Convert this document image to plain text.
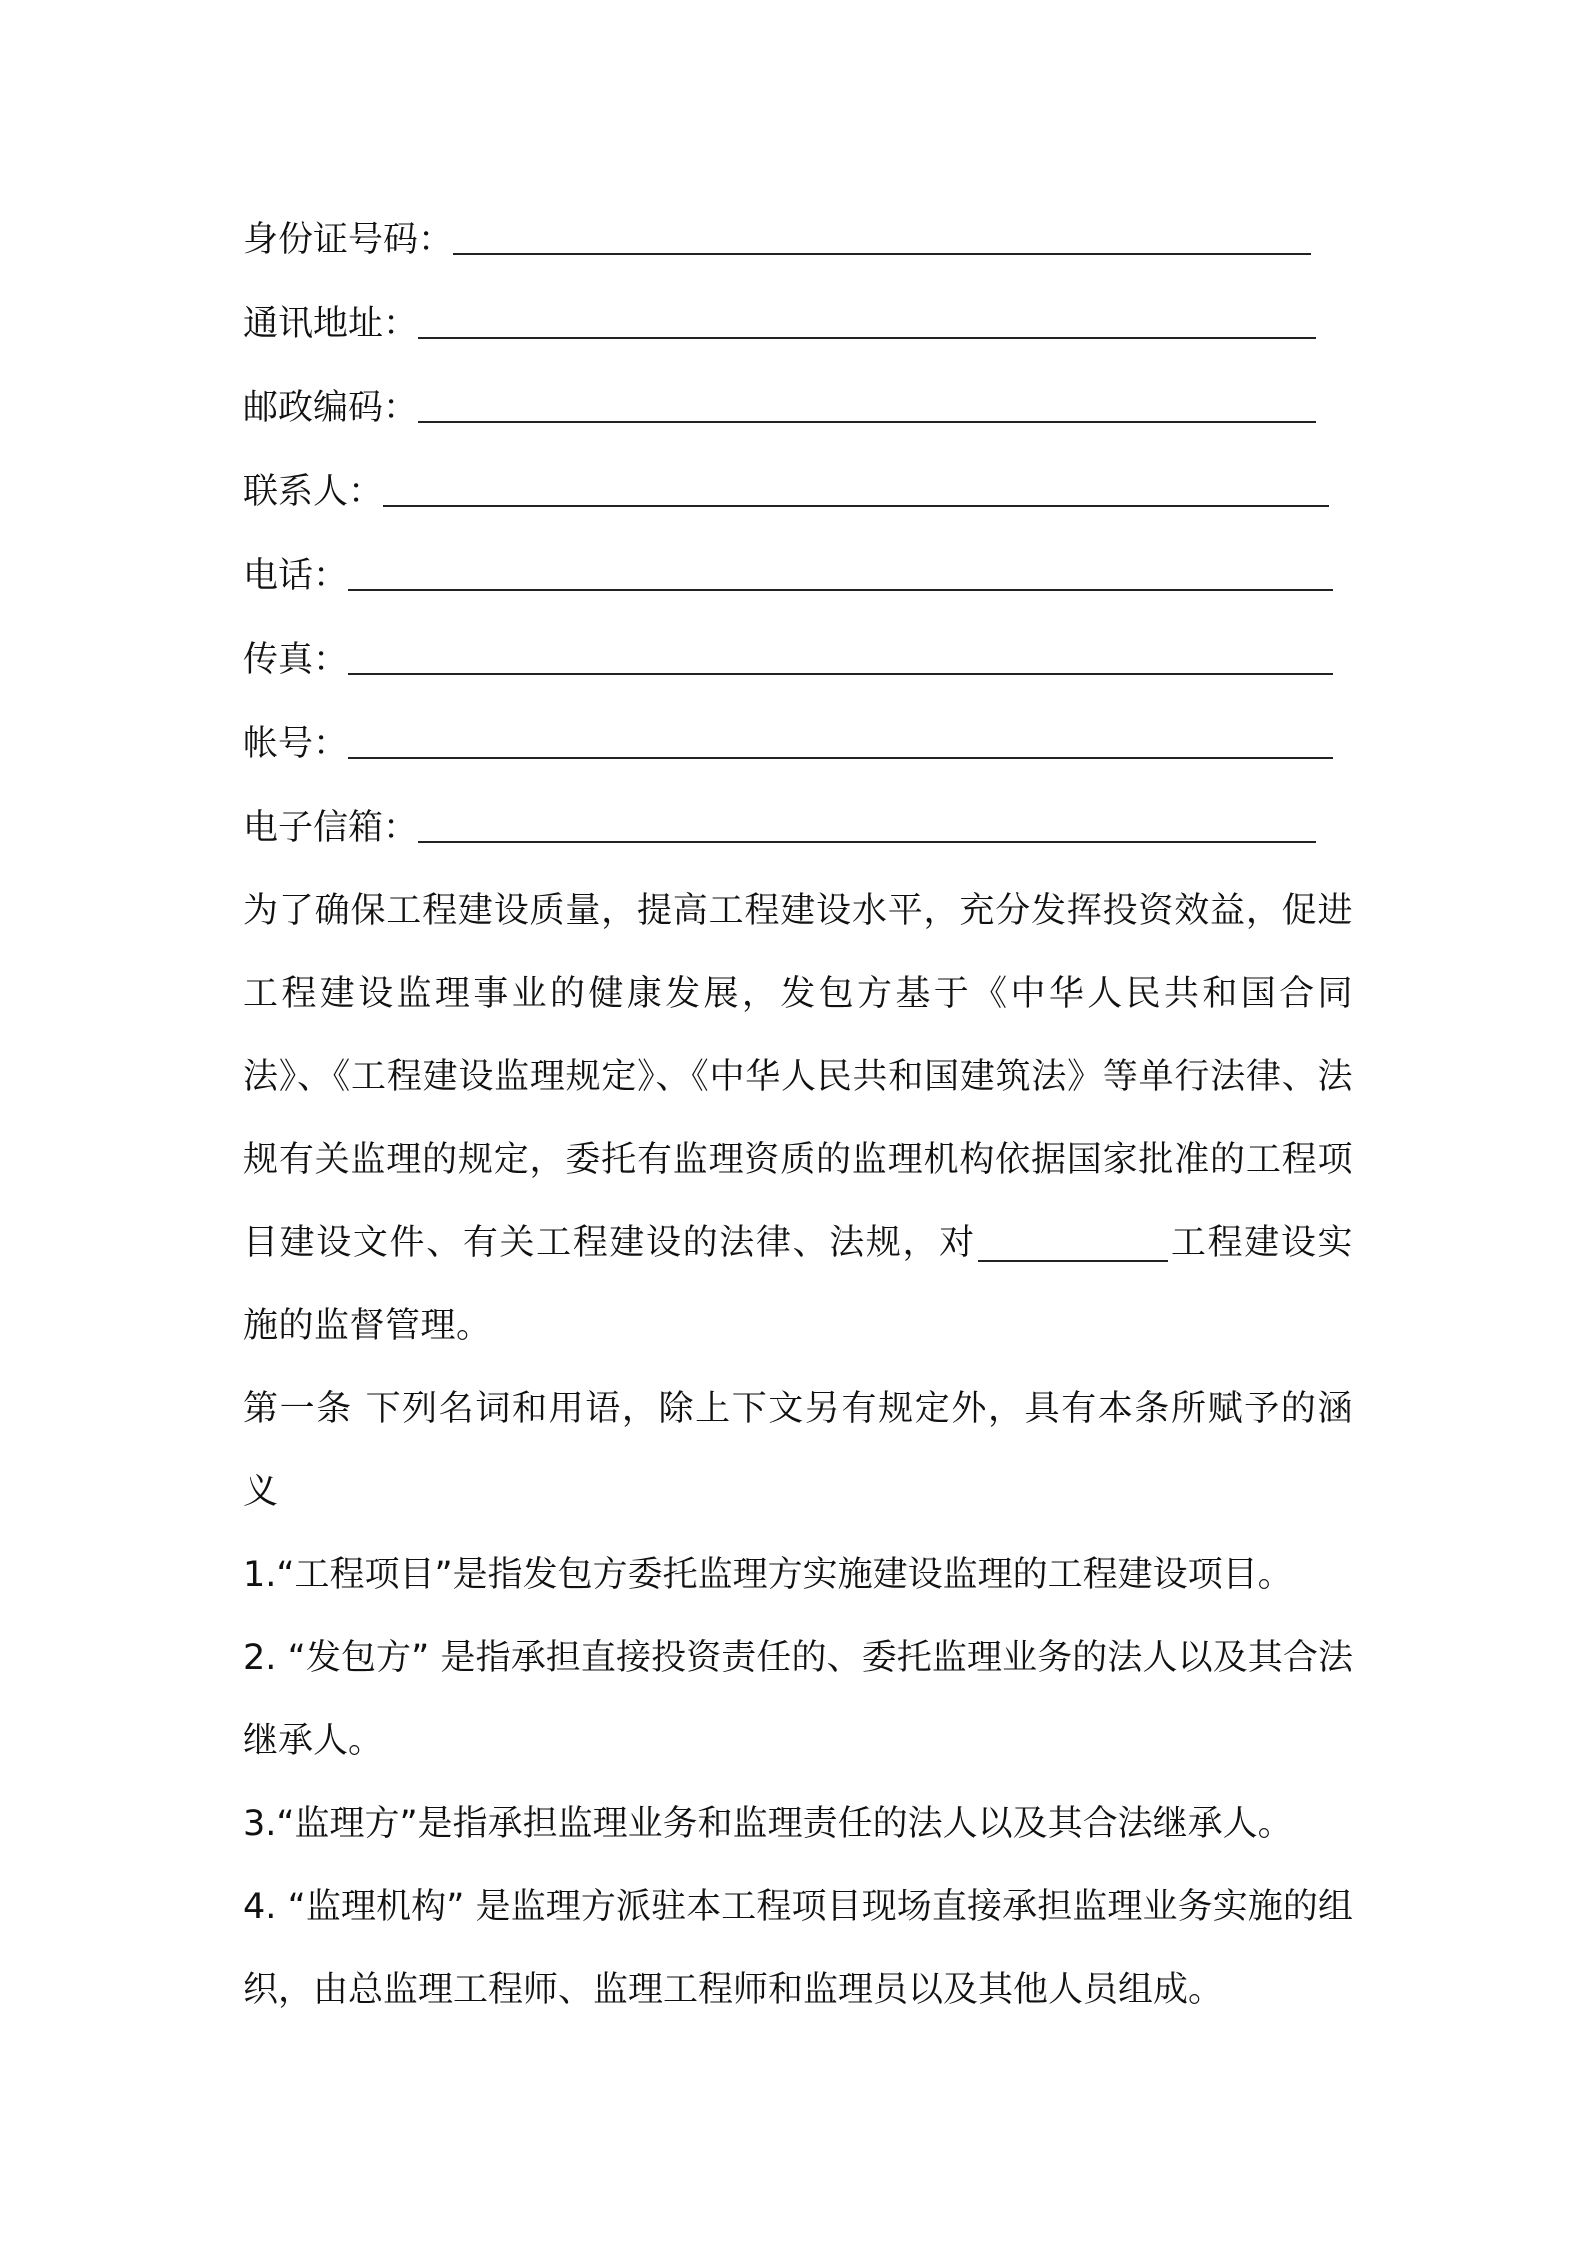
身份证号码：
通讯地址：
邮政编码：
联系人：
电话：
传真：
帐号：
电子信箱：

为了确保工程建设质量，提高工程建设水平，充分发挥投资效益，促进工程建设监理事业的健康发展，发包方基于《中华人民共和国合同法》、《工程建设监理规定》、《中华人民共和国建筑法》等单行法律、法规有关监理的规定，委托有监理资质的监理机构依据国家批准的工程项目建设文件、有关工程建设的法律、法规，对	工程建设实施的监督管理。

第一条 下列名词和用语，除上下文另有规定外，具有本条所赋予的涵义

1.“工程项目”是指发包方委托监理方实施建设监理的工程建设项目。

2. “发包方” 是指承担直接投资责任的、委托监理业务的法人以及其合法继承人。

3.“监理方”是指承担监理业务和监理责任的法人以及其合法继承人。

4. “监理机构” 是监理方派驻本工程项目现场直接承担监理业务实施的组织，由总监理工程师、监理工程师和监理员以及其他人员组成。
